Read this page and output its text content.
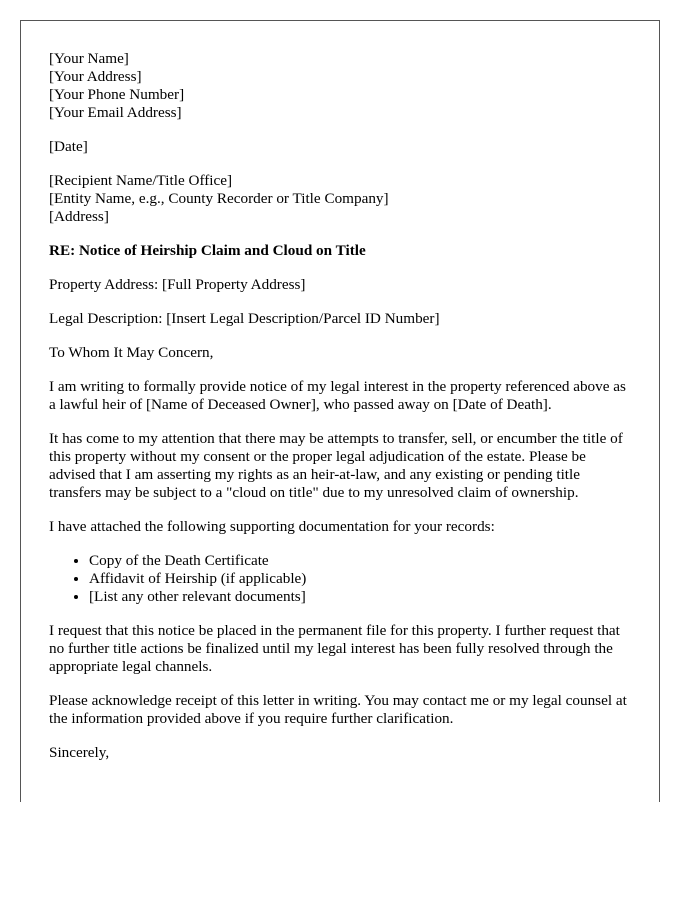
[Your Name]
[Your Address]
[Your Phone Number]
[Your Email Address]
[Date]
[Recipient Name/Title Office]
[Entity Name, e.g., County Recorder or Title Company]
[Address]
RE: Notice of Heirship Claim and Cloud on Title

Property Address: [Full Property Address]

Legal Description: [Insert Legal Description/Parcel ID Number]

To Whom It May Concern,

I am writing to formally provide notice of my legal interest in the property referenced above as a lawful heir of [Name of Deceased Owner], who passed away on [Date of Death].

It has come to my attention that there may be attempts to transfer, sell, or encumber the title of this property without my consent or the proper legal adjudication of the estate. Please be advised that I am asserting my rights as an heir-at-law, and any existing or pending title transfers may be subject to a "cloud on title" due to my unresolved claim of ownership.

I have attached the following supporting documentation for your records:

• Copy of the Death Certificate
• Affidavit of Heirship (if applicable)
• [List any other relevant documents]

I request that this notice be placed in the permanent file for this property. I further request that no further title actions be finalized until my legal interest has been fully resolved through the appropriate legal channels.

Please acknowledge receipt of this letter in writing. You may contact me or my legal counsel at the information provided above if you require further clarification.

Sincerely,
